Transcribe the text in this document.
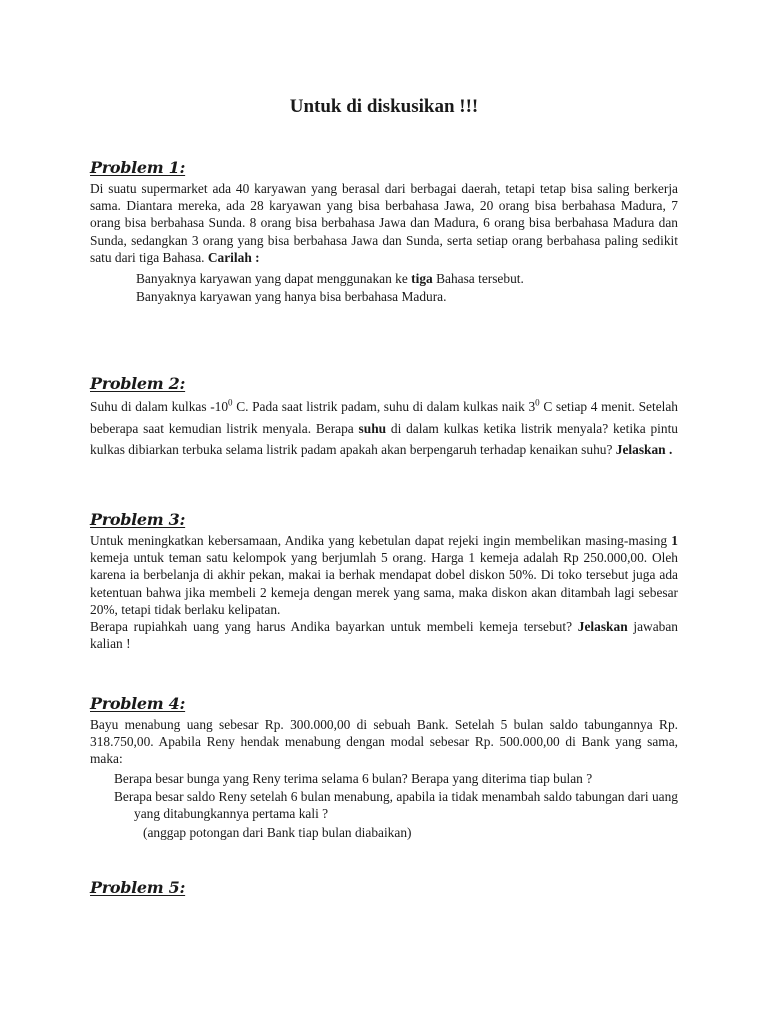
Untuk di diskusikan !!!
Problem 1:

Di suatu supermarket ada 40 karyawan yang berasal dari berbagai daerah, tetapi tetap bisa saling berkerja sama. Diantara mereka, ada 28 karyawan yang bisa berbahasa Jawa, 20 orang bisa berbahasa Madura, 7 orang bisa berbahasa Sunda. 8 orang bisa berbahasa Jawa dan Madura, 6 orang bisa berbahasa Madura dan Sunda, sedangkan 3 orang yang bisa berbahasa Jawa dan Sunda, serta setiap orang berbahasa paling sedikit satu dari tiga Bahasa. Carilah :

Banyaknya karyawan yang dapat menggunakan ke tiga Bahasa tersebut.

Banyaknya karyawan yang hanya bisa berbahasa Madura.

Problem 2:

Suhu di dalam kulkas $-10^0$ C. Pada saat listrik padam, suhu di dalam kulkas naik $3^0$ C setiap 4 menit. Setelah beberapa saat kemudian listrik menyala. Berapa suhu di dalam kulkas ketika listrik menyala? ketika pintu kulkas dibiarkan terbuka selama listrik padam apakah akan berpengaruh terhadap kenaikan suhu? Jelaskan .

Problem 3:

Untuk meningkatkan kebersamaan, Andika yang kebetulan dapat rejeki ingin membelikan masing-masing 1 kemeja untuk teman satu kelompok yang berjumlah 5 orang. Harga 1 kemeja adalah Rp 250.000,00. Oleh karena ia berbelanja di akhir pekan, makai ia berhak mendapat dobel diskon 50%. Di toko tersebut juga ada ketentuan bahwa jika membeli 2 kemeja dengan merek yang sama, maka diskon akan ditambah lagi sebesar 20%, tetapi tidak berlaku kelipatan.
Berapa rupiahkah uang yang harus Andika bayarkan untuk membeli kemeja tersebut? Jelaskan jawaban kalian !

Problem 4:

Bayu menabung uang sebesar Rp. 300.000,00 di sebuah Bank. Setelah 5 bulan saldo tabungannya Rp. 318.750,00. Apabila Reny hendak menabung dengan modal sebesar Rp. 500.000,00 di Bank yang sama, maka:

Berapa besar bunga yang Reny terima selama 6 bulan? Berapa yang diterima tiap bulan ?

Berapa besar saldo Reny setelah 6 bulan menabung, apabila ia tidak menambah saldo tabungan dari uang yang ditabungkannya pertama kali ?

(anggap potongan dari Bank tiap bulan diabaikan)

Problem 5:
